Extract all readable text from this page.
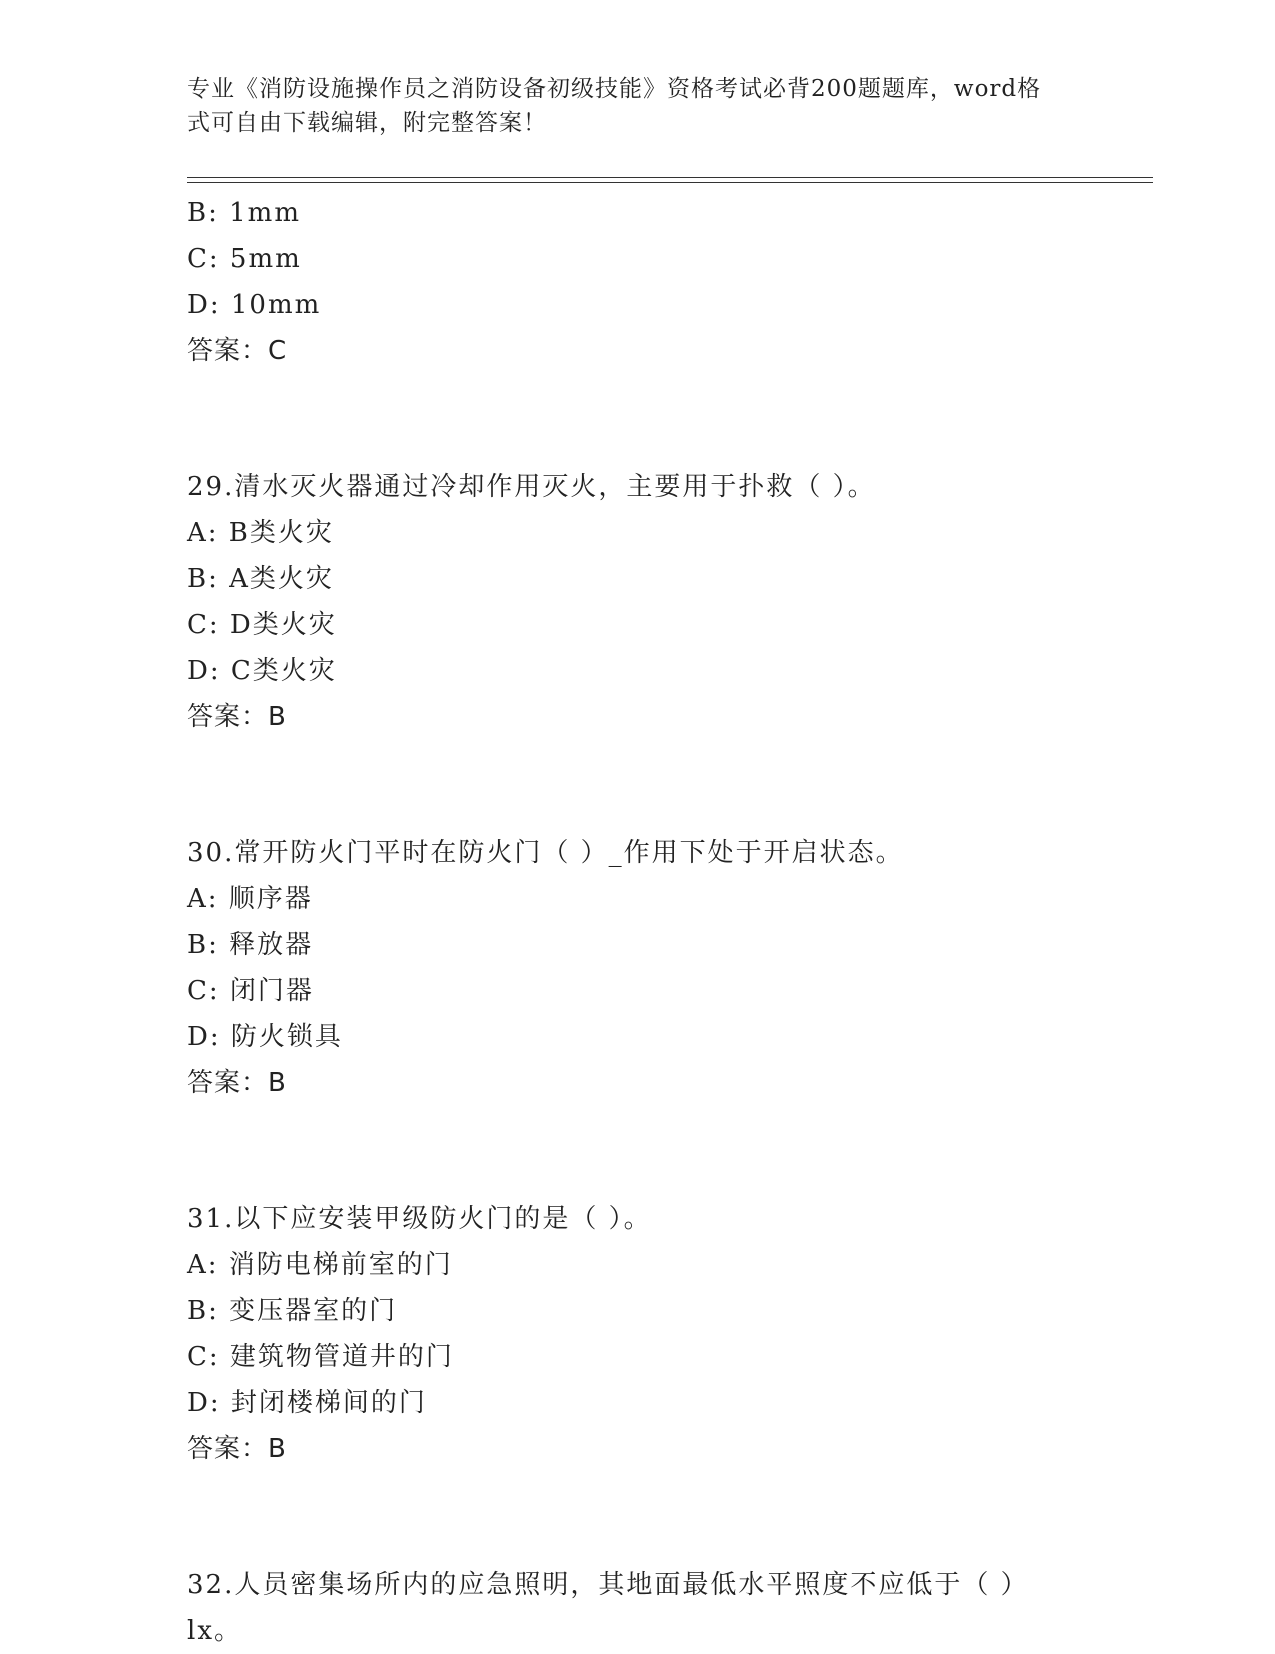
专业《消防设施操作员之消防设备初级技能》资格考试必背200题题库，word格
式可自由下载编辑，附完整答案！
B: 1mm
C: 5mm
D: 10mm
答案：C
29.清水灭火器通过冷却作用灭火，主要用于扑救（ ）。
A: B类火灾
B: A类火灾
C: D类火灾
D: C类火灾
答案：B
30.常开防火门平时在防火门（ ）_作用下处于开启状态。
A: 顺序器
B: 释放器
C: 闭门器
D: 防火锁具
答案：B
31.以下应安装甲级防火门的是（ ）。
A: 消防电梯前室的门
B: 变压器室的门
C: 建筑物管道井的门
D: 封闭楼梯间的门
答案：B
32.人员密集场所内的应急照明，其地面最低水平照度不应低于（ ）lx。
